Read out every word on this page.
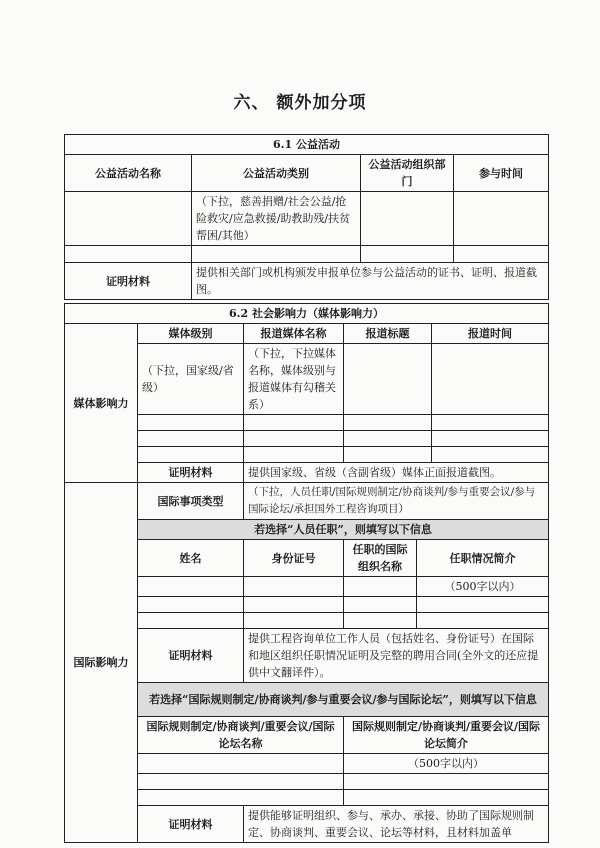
六、 额外加分项
6.1 公益活动			
公益活动名称	公益活动类别	公益活动组织部门	参与时间
	（下拉，慈善捐赠/社会公益/抢险救灾/应急救援/助教助残/扶贫帮困/其他）		

证明材料	提供相关部门或机构颁发申报单位参与公益活动的证书、证明、报道截图。		
6.2 社会影响力（媒体影响力）					
媒体影响力	媒体级别	报道媒体名称	报道标题		报道时间
	（下拉，国家级/省级）	（下拉，下拉媒体名称，媒体级别与报道媒体有勾稽关系）			

	证明材料	提供国家级、省级（含副省级）媒体正面报道截图。			
国际影响力	国际事项类型	（下拉，人员任职/国际规则制定/协商谈判/参与重要会议/参与国际论坛/承担国外工程咨询项目）			
	若选择“人员任职”，则填写以下信息				
	姓名	身份证号	任职的国际组织名称	任职情况简介	
				（500字以内）	

	证明材料	提供工程咨询单位工作人员（包括姓名、身份证号）在国际和地区组织任职情况证明及完整的聘用合同(全外文的还应提供中文翻译件）。			
	若选择“国际规则制定/协商谈判/参与重要会议/参与国际论坛”，则填写以下信息				
	国际规则制定/协商谈判/重要会议/国际论坛名称		国际规则制定/协商谈判/重要会议/国际论坛简介		
			（500字以内）		

	证明材料	提供能够证明组织、参与、承办、承接、协助了国际规则制定、协商谈判、重要会议、论坛等材料，且材料加盖单			
